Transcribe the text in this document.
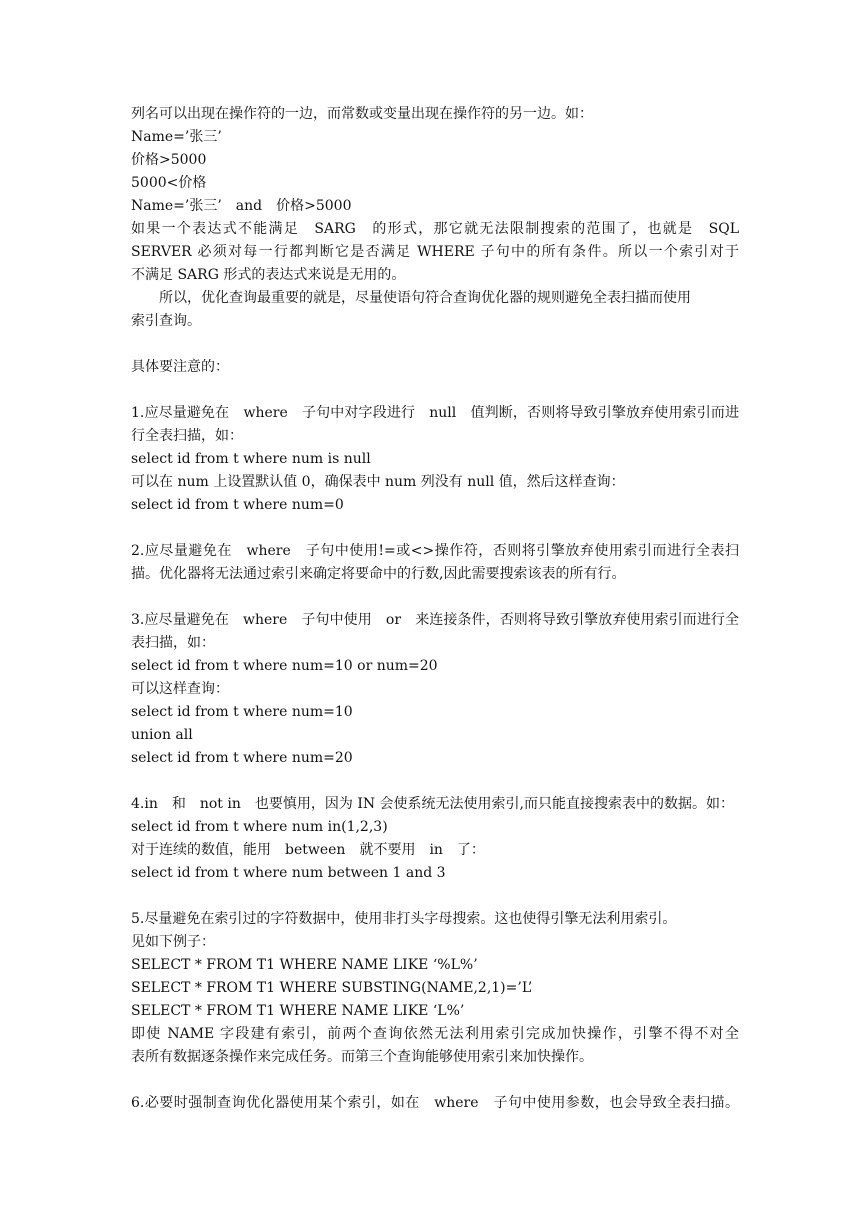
列名可以出现在操作符的一边，而常数或变量出现在操作符的另一边。如：
Name=’张三’
价格>5000
5000<价格
Name=’张三’　and　价格>5000
如果一个表达式不能满足　SARG　的形式，那它就无法限制搜索的范围了，也就是　SQL
SERVER 必须对每一行都判断它是否满足 WHERE 子句中的所有条件。所以一个索引对于
不满足 SARG 形式的表达式来说是无用的。
所以，优化查询最重要的就是，尽量使语句符合查询优化器的规则避免全表扫描而使用
索引查询。
具体要注意的：
1.应尽量避免在　where　子句中对字段进行　null　值判断，否则将导致引擎放弃使用索引而进
行全表扫描，如：
select id from t where num is null
可以在 num 上设置默认值 0，确保表中 num 列没有 null 值，然后这样查询：
select id from t where num=0
2.应尽量避免在　where　子句中使用!=或<>操作符，否则将引擎放弃使用索引而进行全表扫
描。优化器将无法通过索引来确定将要命中的行数,因此需要搜索该表的所有行。
3.应尽量避免在　where　子句中使用　or　来连接条件，否则将导致引擎放弃使用索引而进行全
表扫描，如：
select id from t where num=10 or num=20
可以这样查询：
select id from t where num=10
union all
select id from t where num=20
4.in　和　not in　也要慎用，因为 IN 会使系统无法使用索引,而只能直接搜索表中的数据。如：
select id from t where num in(1,2,3)
对于连续的数值，能用　between　就不要用　in　了：
select id from t where num between 1 and 3
5.尽量避免在索引过的字符数据中，使用非打头字母搜索。这也使得引擎无法利用索引。
见如下例子：
SELECT * FROM T1 WHERE NAME LIKE ‘%L%’
SELECT * FROM T1 WHERE SUBSTING(NAME,2,1)=’L’
SELECT * FROM T1 WHERE NAME LIKE ‘L%’
即使 NAME 字段建有索引，前两个查询依然无法利用索引完成加快操作，引擎不得不对全
表所有数据逐条操作来完成任务。而第三个查询能够使用索引来加快操作。
6.必要时强制查询优化器使用某个索引，如在　where　子句中使用参数，也会导致全表扫描。
